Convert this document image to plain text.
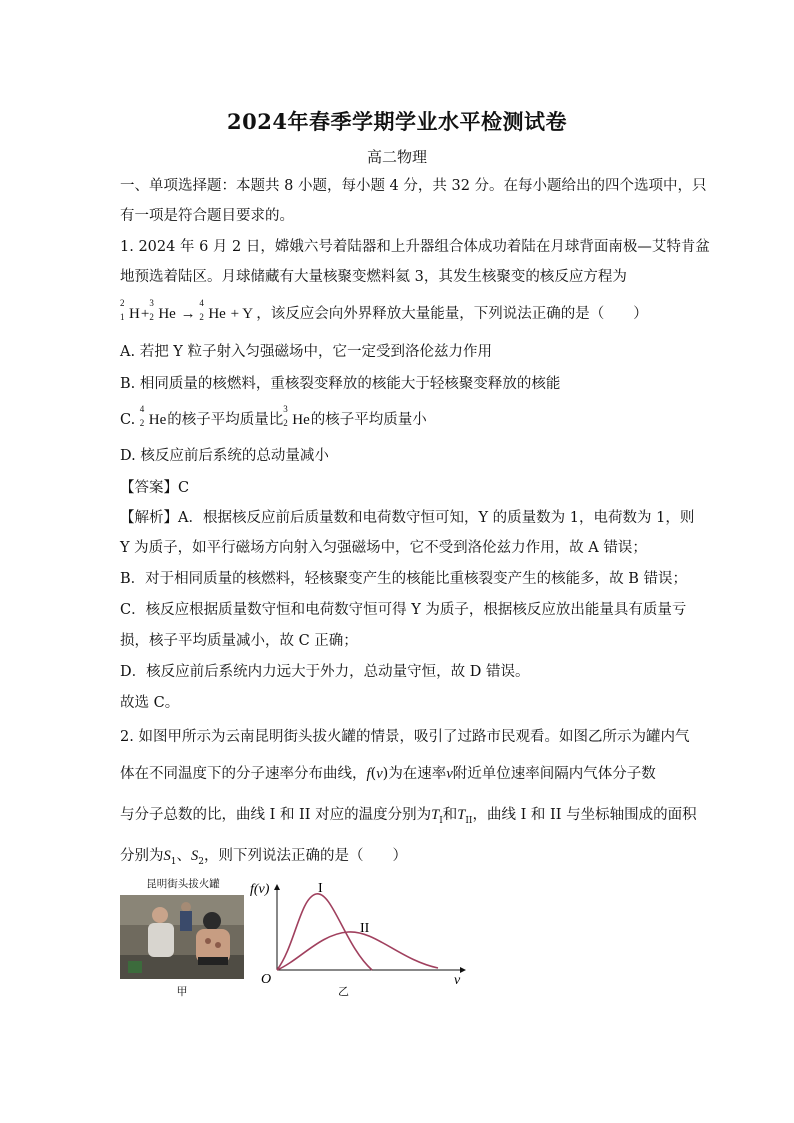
2024年春季学期学业水平检测试卷
高二物理
一、单项选择题：本题共 8 小题，每小题 4 分，共 32 分。在每小题给出的四个选项中，只
有一项是符合题目要求的。
1. 2024 年 6 月 2 日，嫦娥六号着陆器和上升器组合体成功着陆在月球背面南极—艾特肯盆
地预选着陆区。月球储藏有大量核聚变燃料氦 3，其发生核聚变的核反应方程为
2
1 H+
3
2 He →
4
2 He + Y ，该反应会向外界释放大量能量，下列说法正确的是（　　）
A. 若把 Y 粒子射入匀强磁场中，它一定受到洛伦兹力作用
B. 相同质量的核燃料，重核裂变释放的核能大于轻核聚变释放的核能
C.
4
2 He的核子平均质量比
3
2 He的核子平均质量小
D. 核反应前后系统的总动量减小
【答案】C
【解析】A．根据核反应前后质量数和电荷数守恒可知，Y 的质量数为 1，电荷数为 1，则
Y 为质子，如平行磁场方向射入匀强磁场中，它不受到洛伦兹力作用，故 A 错误；
B．对于相同质量的核燃料，轻核聚变产生的核能比重核裂变产生的核能多，故 B 错误；
C．核反应根据质量数守恒和电荷数守恒可得 Y 为质子，根据核反应放出能量具有质量亏
损，核子平均质量减小，故 C 正确；
D．核反应前后系统内力远大于外力，总动量守恒，故 D 错误。
故选 C。
2. 如图甲所示为云南昆明街头拔火罐的情景，吸引了过路市民观看。如图乙所示为罐内气
体在不同温度下的分子速率分布曲线，f(v)为在速率v附近单位速率间隔内气体分子数
与分子总数的比，曲线 I 和 II 对应的温度分别为$T_I$和$T_{II}$，曲线 I 和 II 与坐标轴围成的面积
分别为$S_1$、$S_2$，则下列说法正确的是（　　）
昆明街头拔火罐
甲
I
II
f(v)
O	v
乙
